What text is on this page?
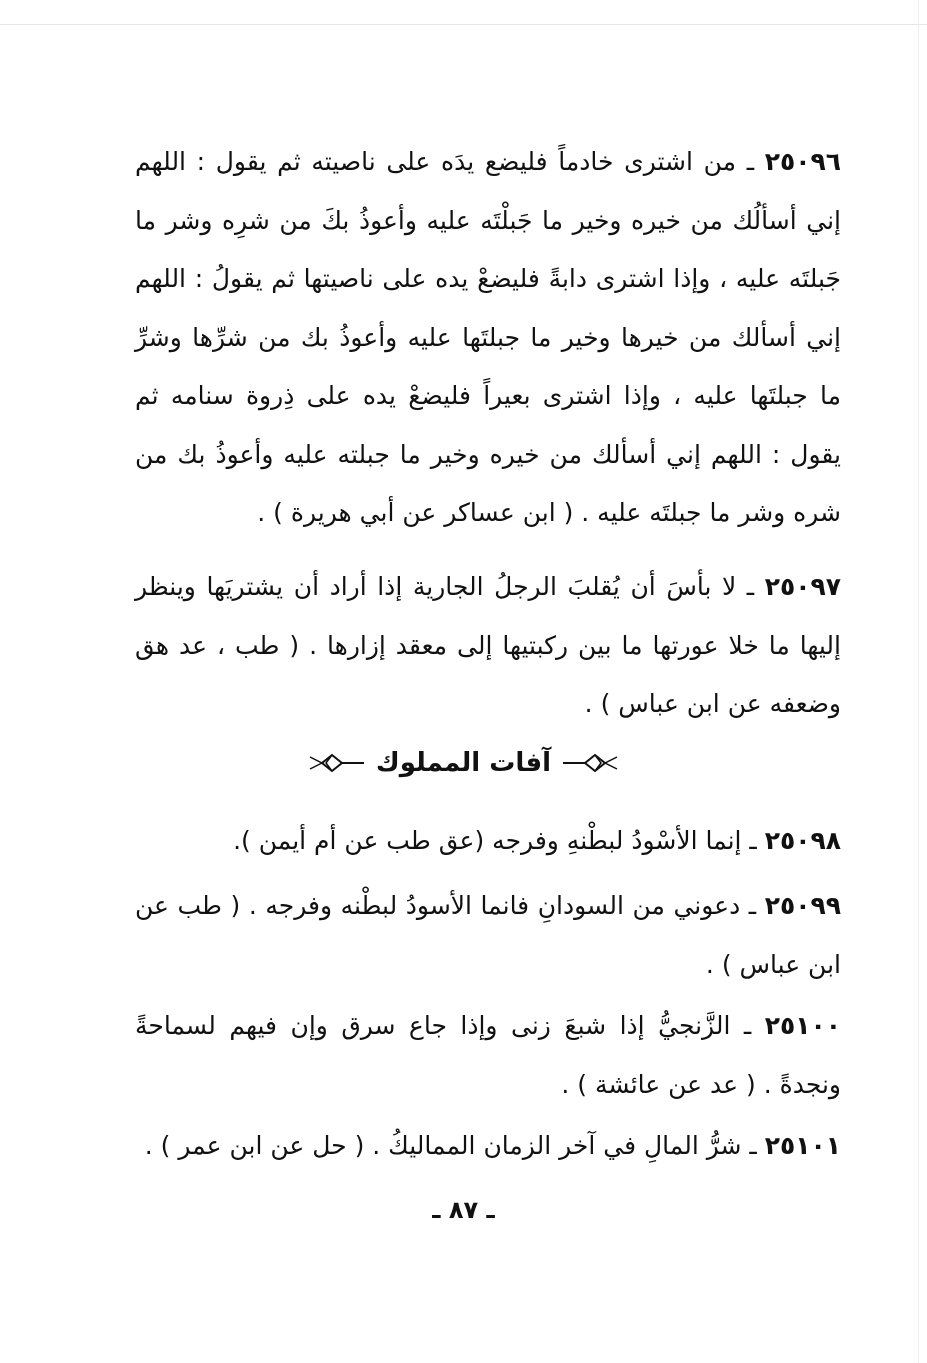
٢٥٠٩٦ ـ من اشترى خادماً فليضع يدَه على ناصيته ثم يقول : اللهم إني أسألُك من خيره وخير ما جَبلْتَه عليه وأعوذُ بكَ من شرِه وشر ما جَبلتَه عليه ، وإذا اشترى دابةً فليضعْ يده على ناصيتها ثم يقولُ : اللهم إني أسألك من خيرها وخير ما جبلتَها عليه وأعوذُ بك من شرِّها وشرِّ ما جبلتَها عليه ، وإذا اشترى بعيراً فليضعْ يده على ذِروة سنامه ثم يقول : اللهم إني أسألك من خيره وخير ما جبلته عليه وأعوذُ بك من شره وشر ما جبلتَه عليه . ( ابن عساكر عن أبي هريرة ) .
٢٥٠٩٧ ـ لا بأسَ أن يُقلبَ الرجلُ الجارية إذا أراد أن يشتريَها وينظر إليها ما خلا عورتها ما بين ركبتيها إلى معقد إزارها . ( طب ، عد هق وضعفه عن ابن عباس ) .
آفات المملوك
٢٥٠٩٨ ـ إنما الأسْودُ لبطْنهِ وفرجه (عق طب عن أم أيمن ).
٢٥٠٩٩ ـ دعوني من السودانِ فانما الأسودُ لبطْنه وفرجه . ( طب عن ابن عباس ) .
٢٥١٠٠ ـ الزَّنجيُّ إذا شبعَ زنى وإذا جاع سرق وإن فيهم لسماحةً ونجدةً . ( عد عن عائشة ) .
٢٥١٠١ ـ شرُّ المالِ في آخر الزمان المماليكُ . ( حل عن ابن عمر ) .
ـ ٨٧ ـ
